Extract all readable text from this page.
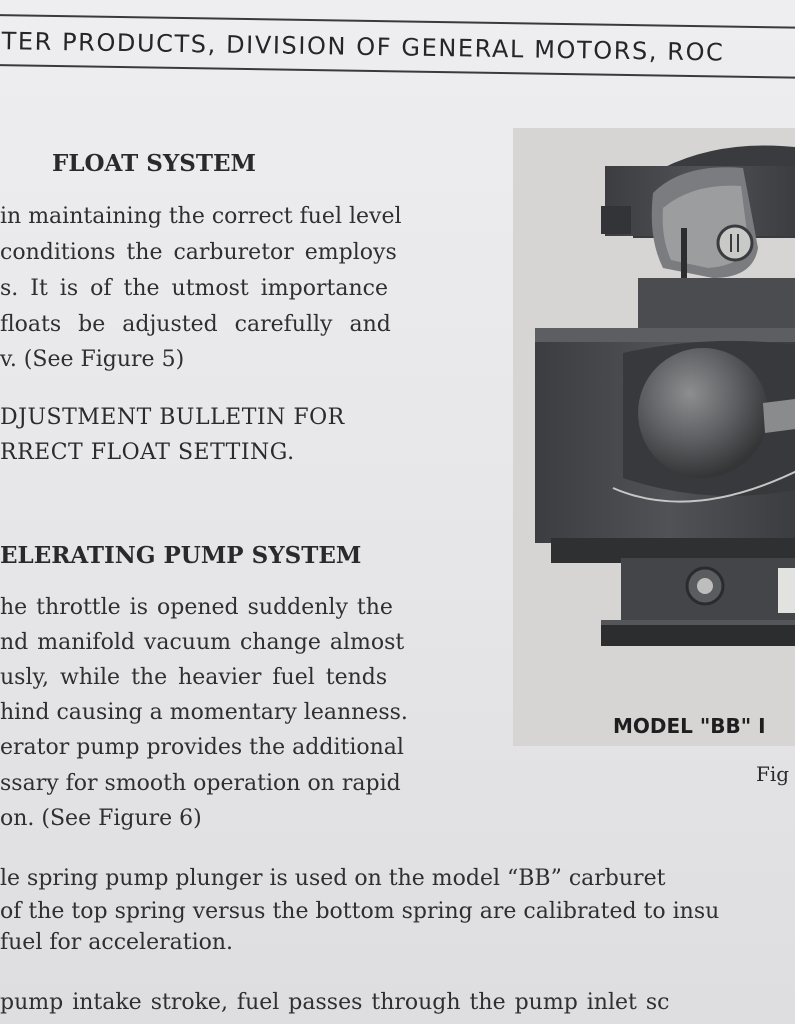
TER PRODUCTS, DIVISION OF GENERAL MOTORS, ROC

FLOAT SYSTEM
in maintaining the correct fuel level
conditions the carburetor employs
s. It is of the utmost importance
floats be adjusted carefully and
v. (See Figure 5)
DJUSTMENT BULLETIN FOR
RRECT FLOAT SETTING.
ELERATING PUMP SYSTEM
he throttle is opened suddenly the
nd manifold vacuum change almost
usly, while the heavier fuel tends
hind causing a momentary leanness.
erator pump provides the additional
ssary for smooth operation on rapid
on. (See Figure 6)
le spring pump plunger is used on the model “BB” carburet
of the top spring versus the bottom spring are calibrated to insu
fuel for acceleration.
pump intake stroke, fuel passes through the pump inlet sc
MODEL "BB" I
Fig
